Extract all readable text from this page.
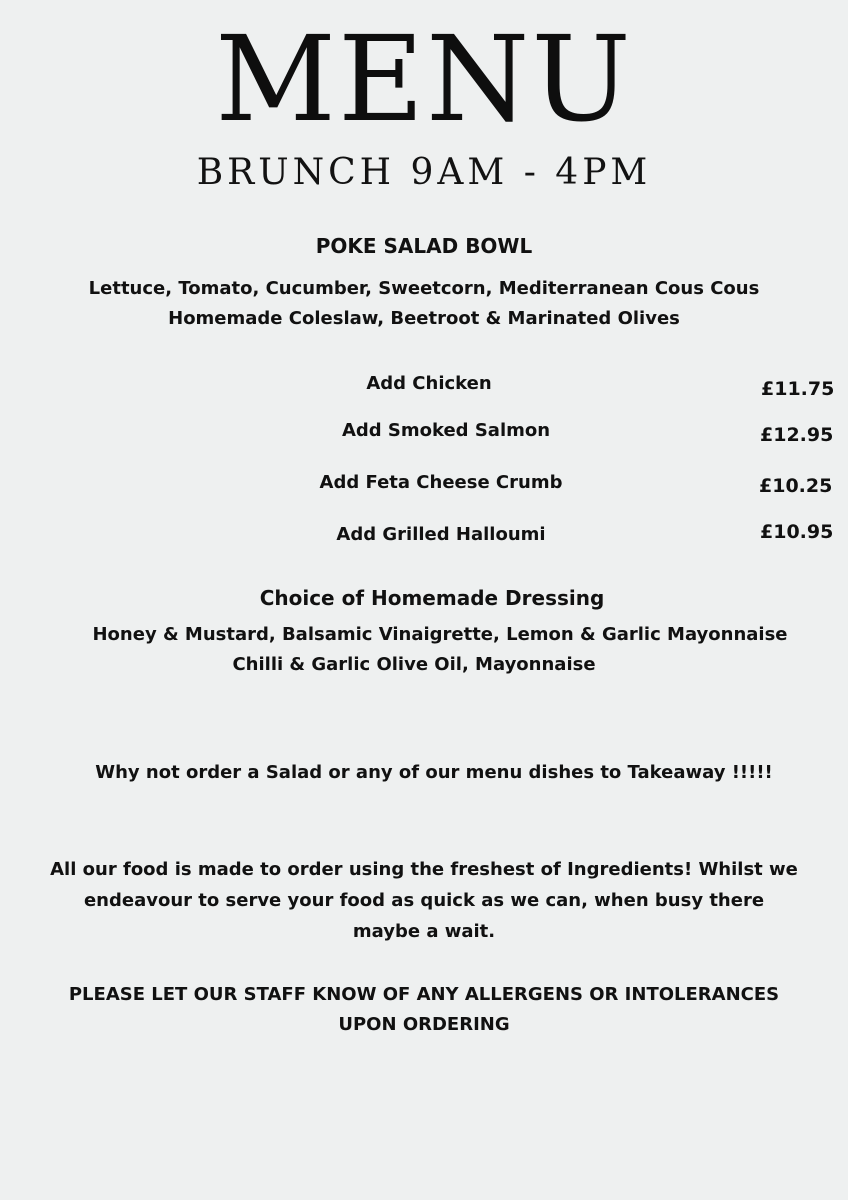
MENU
BRUNCH 9AM - 4PM
POKE SALAD BOWL
Lettuce, Tomato, Cucumber, Sweetcorn, Mediterranean Cous Cous
Homemade Coleslaw, Beetroot & Marinated Olives
Add Chicken	£11.75
Add Smoked Salmon	£12.95
Add Feta Cheese Crumb	£10.25
Add Grilled Halloumi	£10.95
Choice of Homemade Dressing
Honey & Mustard, Balsamic Vinaigrette, Lemon & Garlic Mayonnaise
Chilli & Garlic Olive Oil, Mayonnaise
Why not order a Salad or any of our menu dishes to Takeaway !!!!!
All our food is made to order using the freshest of Ingredients! Whilst we
endeavour to serve your food as quick as we can, when busy there
maybe a wait.
PLEASE LET OUR STAFF KNOW OF ANY ALLERGENS OR INTOLERANCES
UPON ORDERING
